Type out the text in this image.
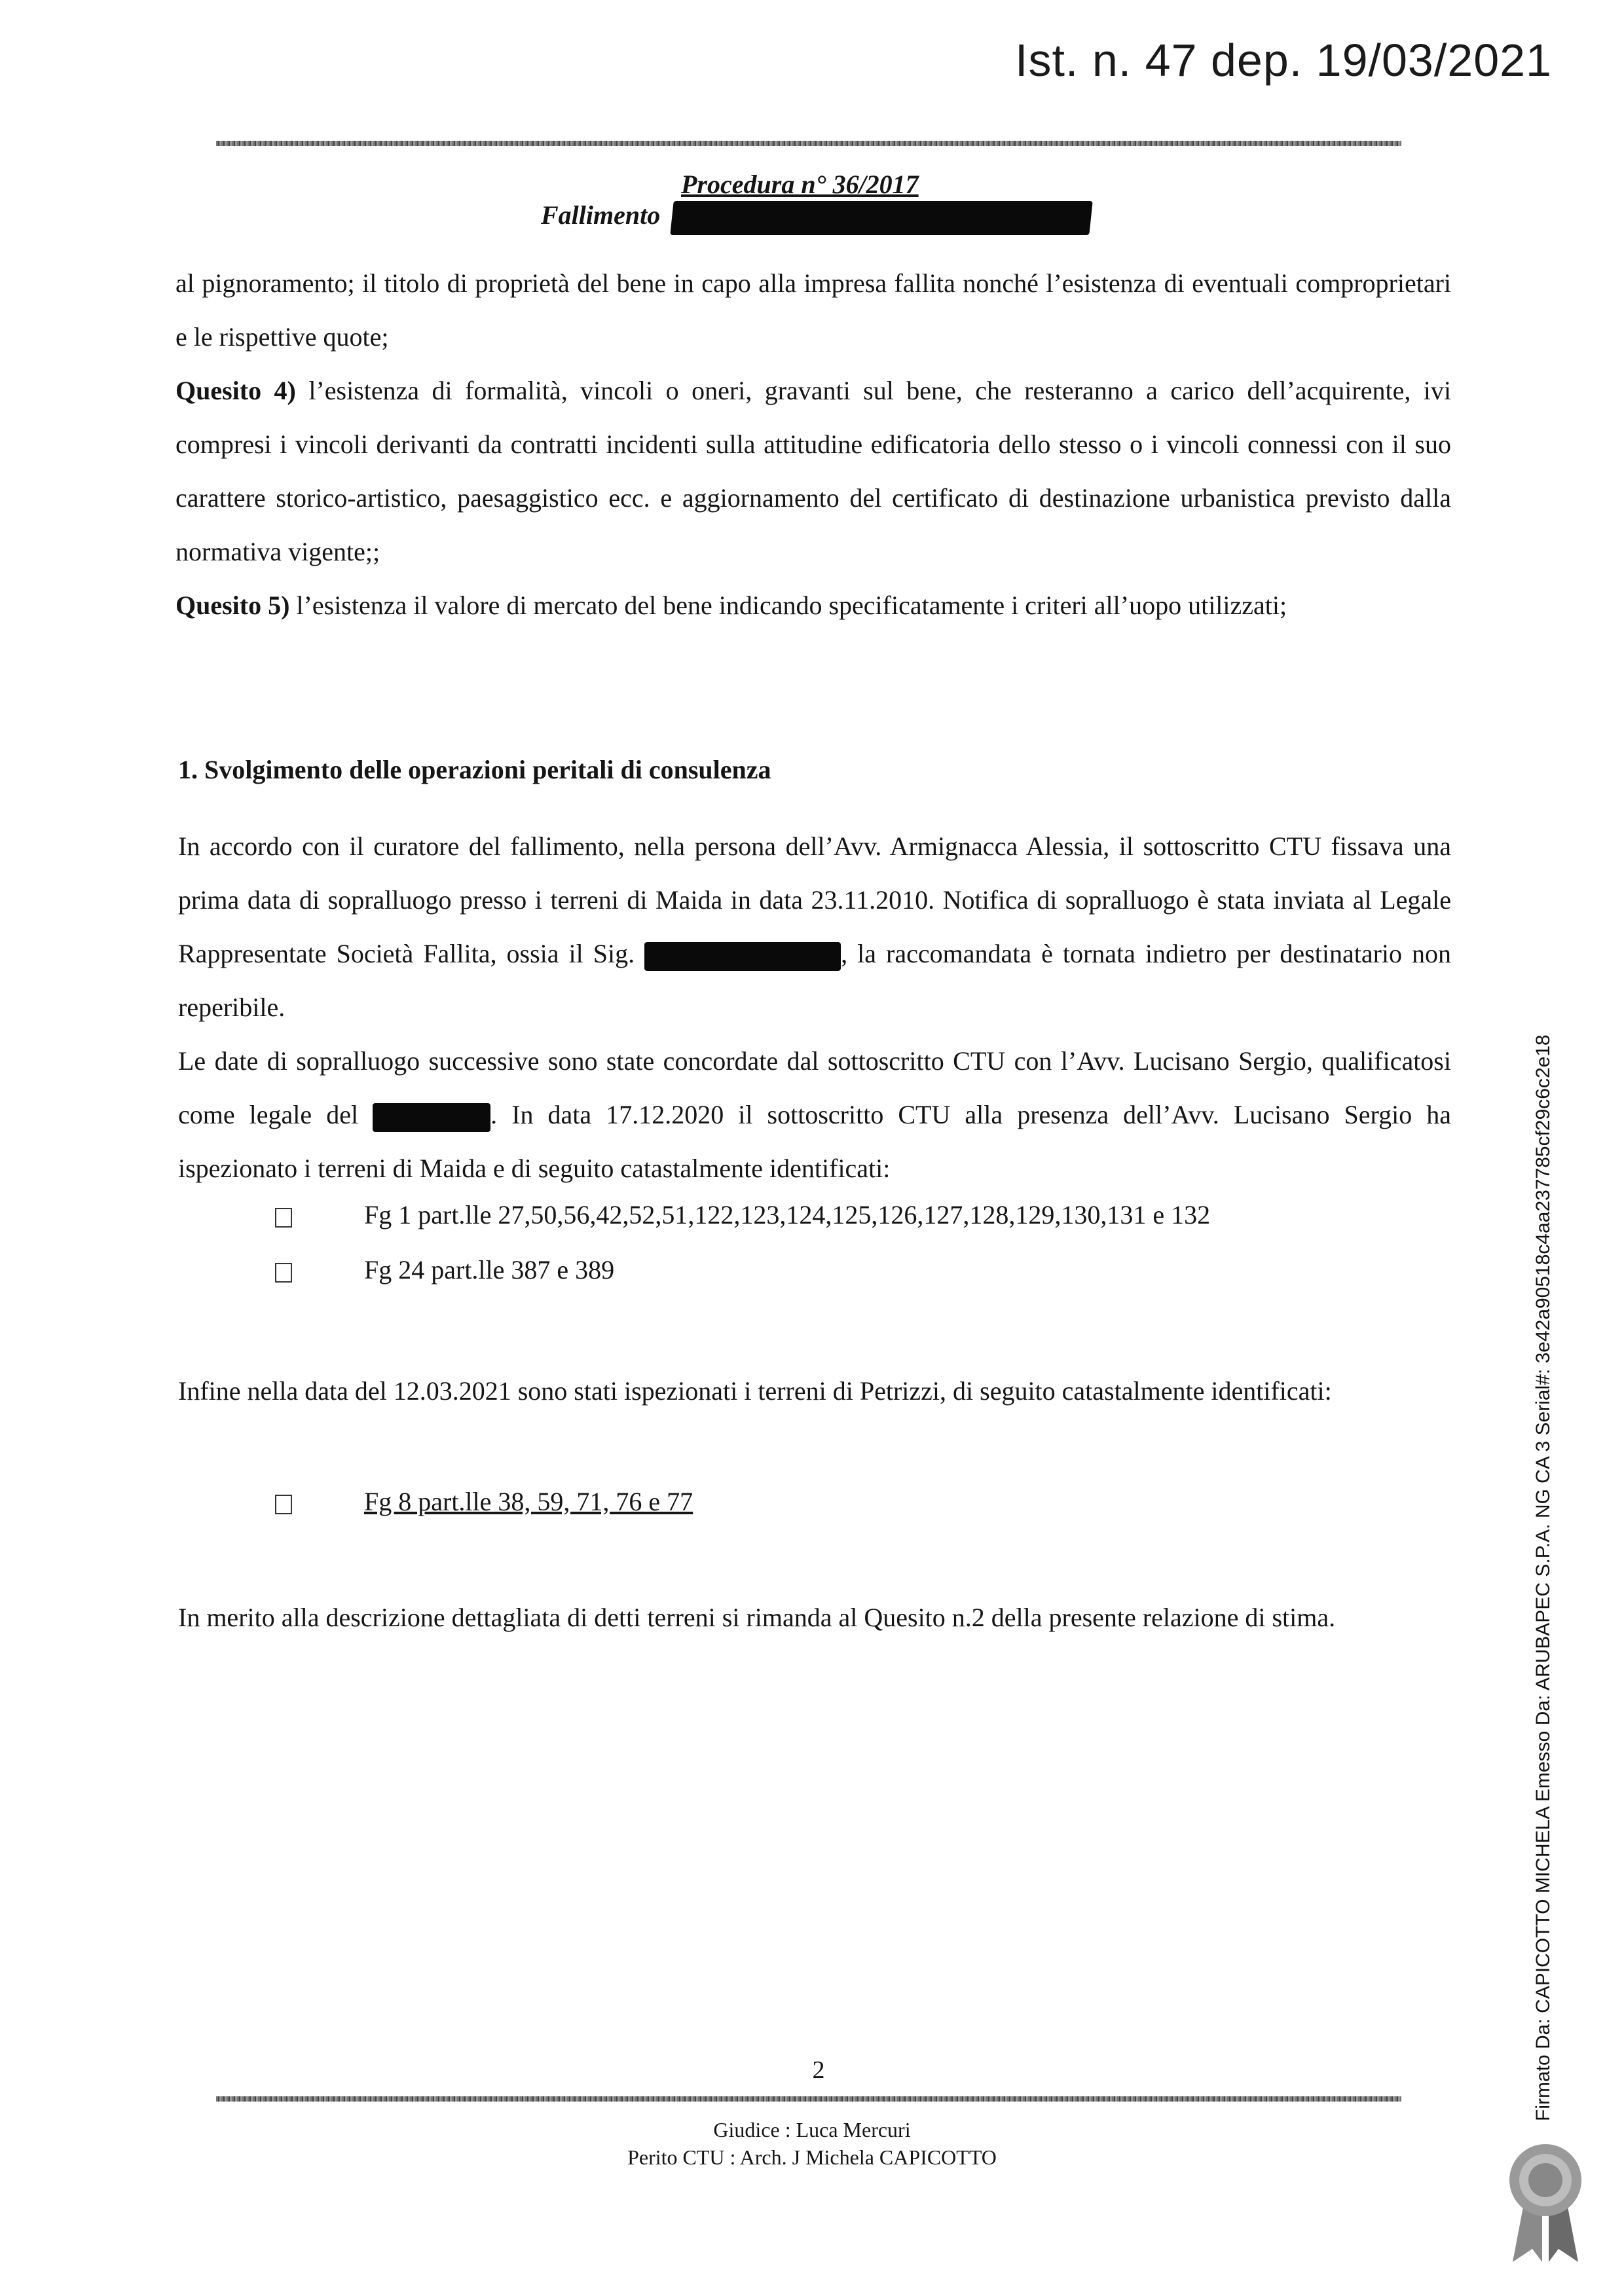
Ist. n. 47 dep. 19/03/2021
Procedura n° 36/2017
Fallimento

al pignoramento; il titolo di proprietà del bene in capo alla impresa fallita nonché l’esistenza di eventuali comproprietari e le rispettive quote;

Quesito 4) l’esistenza di formalità, vincoli o oneri, gravanti sul bene, che resteranno a carico dell’acquirente, ivi compresi i vincoli derivanti da contratti incidenti sulla attitudine edificatoria dello stesso o i vincoli connessi con il suo carattere storico-artistico, paesaggistico ecc. e aggiornamento del certificato di destinazione urbanistica previsto dalla normativa vigente;;

Quesito 5) l’esistenza il valore di mercato del bene indicando specificatamente i criteri all’uopo utilizzati;

1. Svolgimento delle operazioni peritali di consulenza

In accordo con il curatore del fallimento, nella persona dell’Avv. Armignacca Alessia, il sottoscritto CTU fissava una prima data di sopralluogo presso i terreni di Maida in data 23.11.2010. Notifica di sopralluogo è stata inviata al Legale Rappresentate Società Fallita, ossia il Sig.	, la raccomandata è tornata indietro per destinatario non reperibile.

Le date di sopralluogo successive sono state concordate dal sottoscritto CTU con l’Avv. Lucisano Sergio, qualificatosi come legale del	. In data 17.12.2020 il sottoscritto CTU alla presenza dell’Avv. Lucisano Sergio ha ispezionato i terreni di Maida e di seguito catastalmente identificati:

Fg 1 part.lle 27,50,56,42,52,51,122,123,124,125,126,127,128,129,130,131 e 132
Fg 24 part.lle 387 e 389
Infine nella data del 12.03.2021 sono stati ispezionati i terreni di Petrizzi, di seguito catastalmente identificati:
Fg 8 part.lle 38, 59, 71, 76 e 77
In merito alla descrizione dettagliata di detti terreni si rimanda al Quesito n.2 della presente relazione di stima.
2
Giudice : Luca Mercuri
Perito CTU : Arch. J Michela CAPICOTTO
Firmato Da: CAPICOTTO MICHELA Emesso Da: ARUBAPEC S.P.A. NG CA 3 Serial#: 3e42a90518c4aa23778​5cf29c6c2e18
